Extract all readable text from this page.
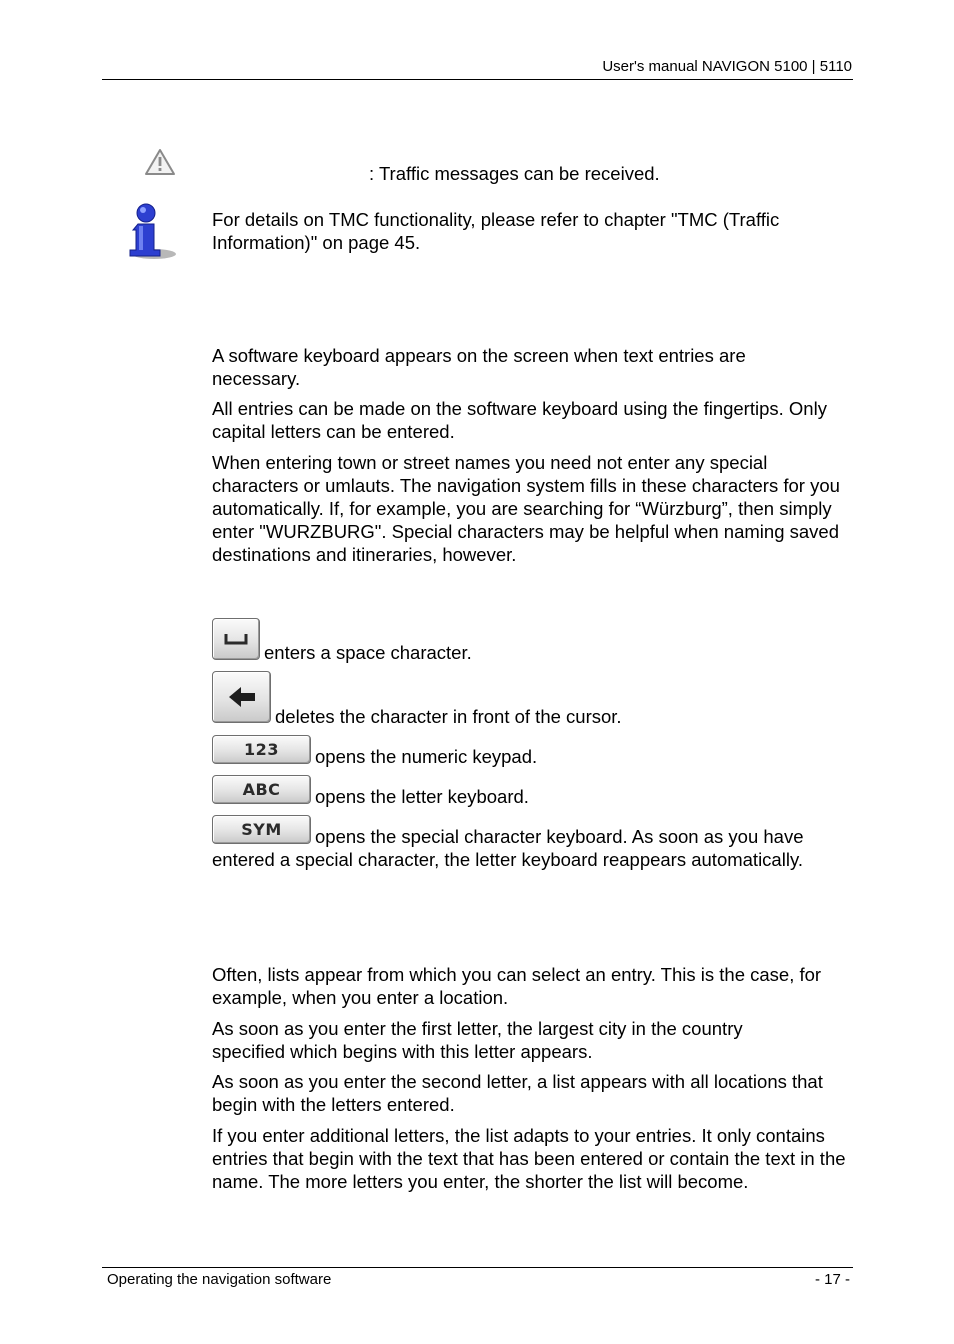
User's manual NAVIGON 5100 | 5110

: Traffic messages can be received.

For details on TMC functionality, please refer to chapter "TMC (Traffic Information)" on page 45.

A software keyboard appears on the screen when text entries are necessary.

All entries can be made on the software keyboard using the fingertips. Only capital letters can be entered.

When entering town or street names you need not enter any special characters or umlauts. The navigation system fills in these characters for you automatically. If, for example, you are searching for “Würzburg”, then simply enter "WURZBURG". Special characters may be helpful when naming saved destinations and itineraries, however.

enters a space character.

deletes the character in front of the cursor.

123 opens the numeric keypad.

ABC opens the letter keyboard.

SYM	opens the special character keyboard. As soon as you have entered a special character, the letter keyboard reappears automatically.

Often, lists appear from which you can select an entry. This is the case, for example, when you enter a location.

As soon as you enter the first letter, the largest city in the country specified which begins with this letter appears.

As soon as you enter the second letter, a list appears with all locations that begin with the letters entered.

If you enter additional letters, the list adapts to your entries. It only contains entries that begin with the text that has been entered or contain the text in the name. The more letters you enter, the shorter the list will become.

Operating the navigation software	- 17 -
